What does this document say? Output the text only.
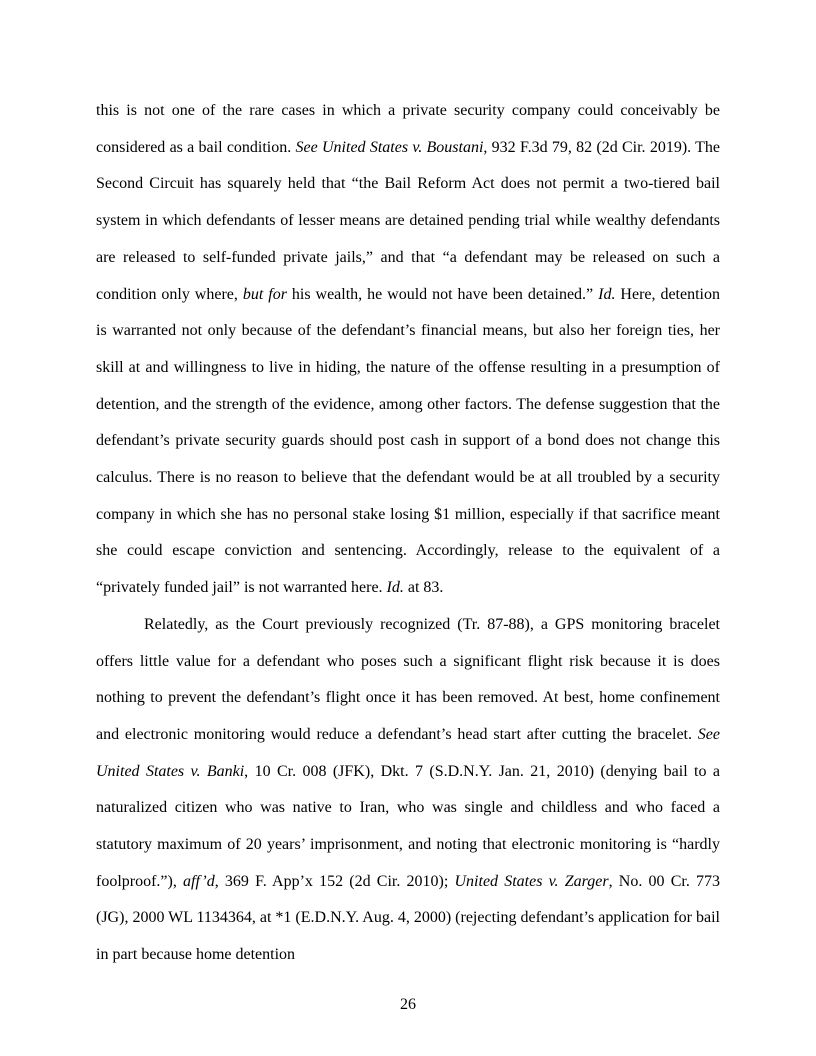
this is not one of the rare cases in which a private security company could conceivably be considered as a bail condition. See United States v. Boustani, 932 F.3d 79, 82 (2d Cir. 2019). The Second Circuit has squarely held that “the Bail Reform Act does not permit a two-tiered bail system in which defendants of lesser means are detained pending trial while wealthy defendants are released to self-funded private jails,” and that “a defendant may be released on such a condition only where, but for his wealth, he would not have been detained.” Id. Here, detention is warranted not only because of the defendant’s financial means, but also her foreign ties, her skill at and willingness to live in hiding, the nature of the offense resulting in a presumption of detention, and the strength of the evidence, among other factors. The defense suggestion that the defendant’s private security guards should post cash in support of a bond does not change this calculus. There is no reason to believe that the defendant would be at all troubled by a security company in which she has no personal stake losing $1 million, especially if that sacrifice meant she could escape conviction and sentencing. Accordingly, release to the equivalent of a “privately funded jail” is not warranted here. Id. at 83.

Relatedly, as the Court previously recognized (Tr. 87-88), a GPS monitoring bracelet offers little value for a defendant who poses such a significant flight risk because it is does nothing to prevent the defendant’s flight once it has been removed. At best, home confinement and electronic monitoring would reduce a defendant’s head start after cutting the bracelet. See United States v. Banki, 10 Cr. 008 (JFK), Dkt. 7 (S.D.N.Y. Jan. 21, 2010) (denying bail to a naturalized citizen who was native to Iran, who was single and childless and who faced a statutory maximum of 20 years’ imprisonment, and noting that electronic monitoring is “hardly foolproof.”), aff’d, 369 F. App’x 152 (2d Cir. 2010); United States v. Zarger, No. 00 Cr. 773 (JG), 2000 WL 1134364, at *1 (E.D.N.Y. Aug. 4, 2000) (rejecting defendant’s application for bail in part because home detention

26
